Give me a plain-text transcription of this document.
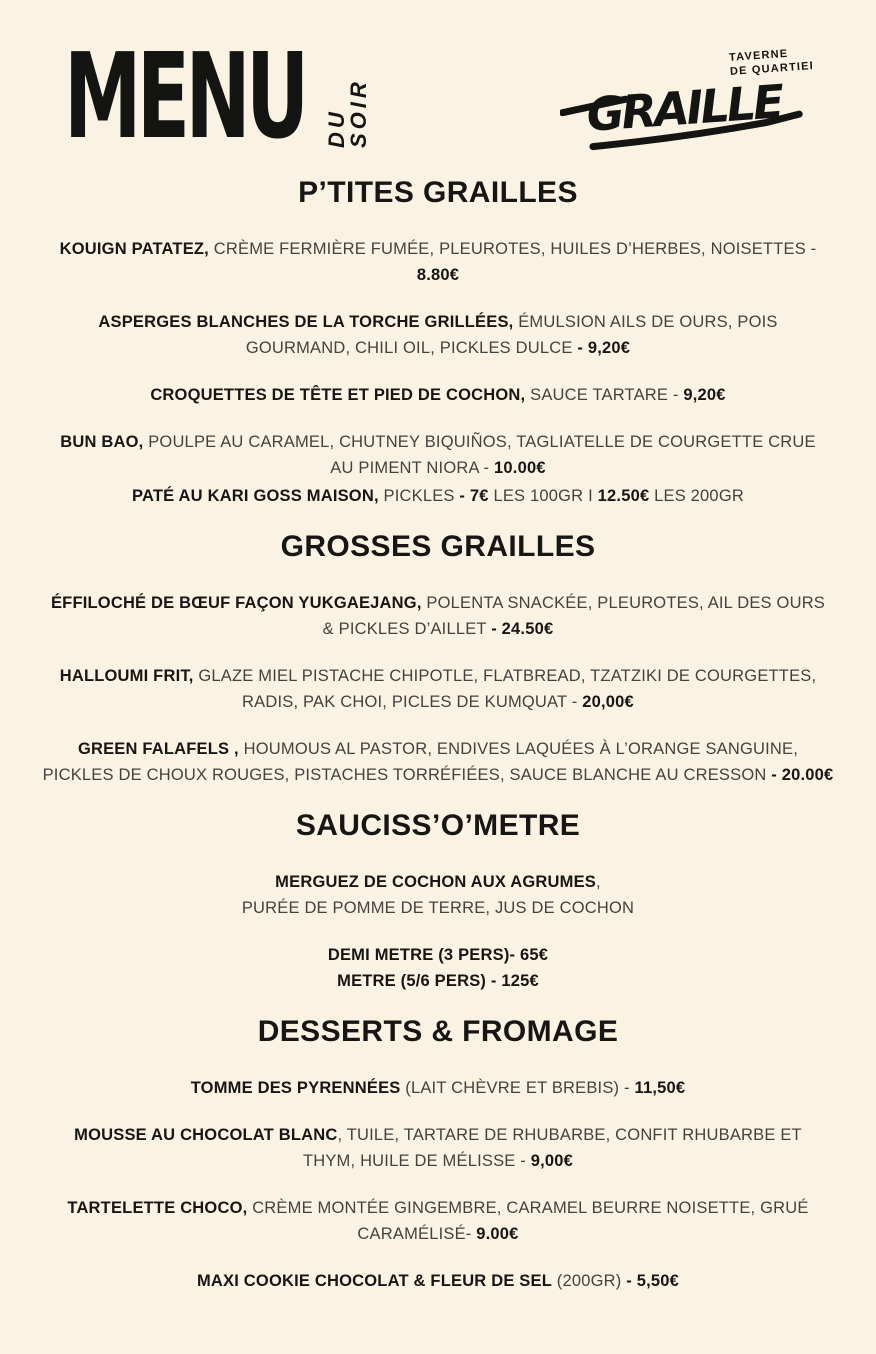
MENU DU SOIR	GRAILLE
TAVERNE
DE QUARTIER
P’TITES GRAILLES

KOUIGN PATATEZ, CRÈME FERMIÈRE FUMÉE, PLEUROTES, HUILES D’HERBES, NOISETTES -
8.80€

ASPERGES BLANCHES DE LA TORCHE GRILLÉES, ÉMULSION AILS DE OURS, POIS
GOURMAND, CHILI OIL, PICKLES DULCE - 9,20€

CROQUETTES DE TÊTE ET PIED DE COCHON, SAUCE TARTARE - 9,20€

BUN BAO, POULPE AU CARAMEL, CHUTNEY BIQUIÑOS, TAGLIATELLE DE COURGETTE CRUE
AU PIMENT NIORA - 10.00€

PATÉ AU KARI GOSS MAISON, PICKLES - 7€ LES 100GR I 12.50€ LES 200GR

GROSSES GRAILLES

ÉFFILOCHÉ DE BŒUF FAÇON YUKGAEJANG, POLENTA SNACKÉE, PLEUROTES, AIL DES OURS
& PICKLES D’AILLET - 24.50€

HALLOUMI FRIT, GLAZE MIEL PISTACHE CHIPOTLE, FLATBREAD, TZATZIKI DE COURGETTES,
RADIS, PAK CHOI, PICLES DE KUMQUAT - 20,00€

GREEN FALAFELS , HOUMOUS AL PASTOR, ENDIVES LAQUÉES À L’ORANGE SANGUINE,
PICKLES DE CHOUX ROUGES, PISTACHES TORRÉFIÉES, SAUCE BLANCHE AU CRESSON - 20.00€

SAUCISS’O’METRE

MERGUEZ DE COCHON AUX AGRUMES,
PURÉE DE POMME DE TERRE, JUS DE COCHON

DEMI METRE (3 PERS)- 65€
METRE (5/6 PERS) - 125€

DESSERTS & FROMAGE

TOMME DES PYRENNÉES (LAIT CHÈVRE ET BREBIS) - 11,50€

MOUSSE AU CHOCOLAT BLANC, TUILE, TARTARE DE RHUBARBE, CONFIT RHUBARBE ET
THYM, HUILE DE MÉLISSE - 9,00€

TARTELETTE CHOCO, CRÈME MONTÉE GINGEMBRE, CARAMEL BEURRE NOISETTE, GRUÉ
CARAMÉLISÉ- 9.00€

MAXI COOKIE CHOCOLAT & FLEUR DE SEL (200GR) - 5,50€
